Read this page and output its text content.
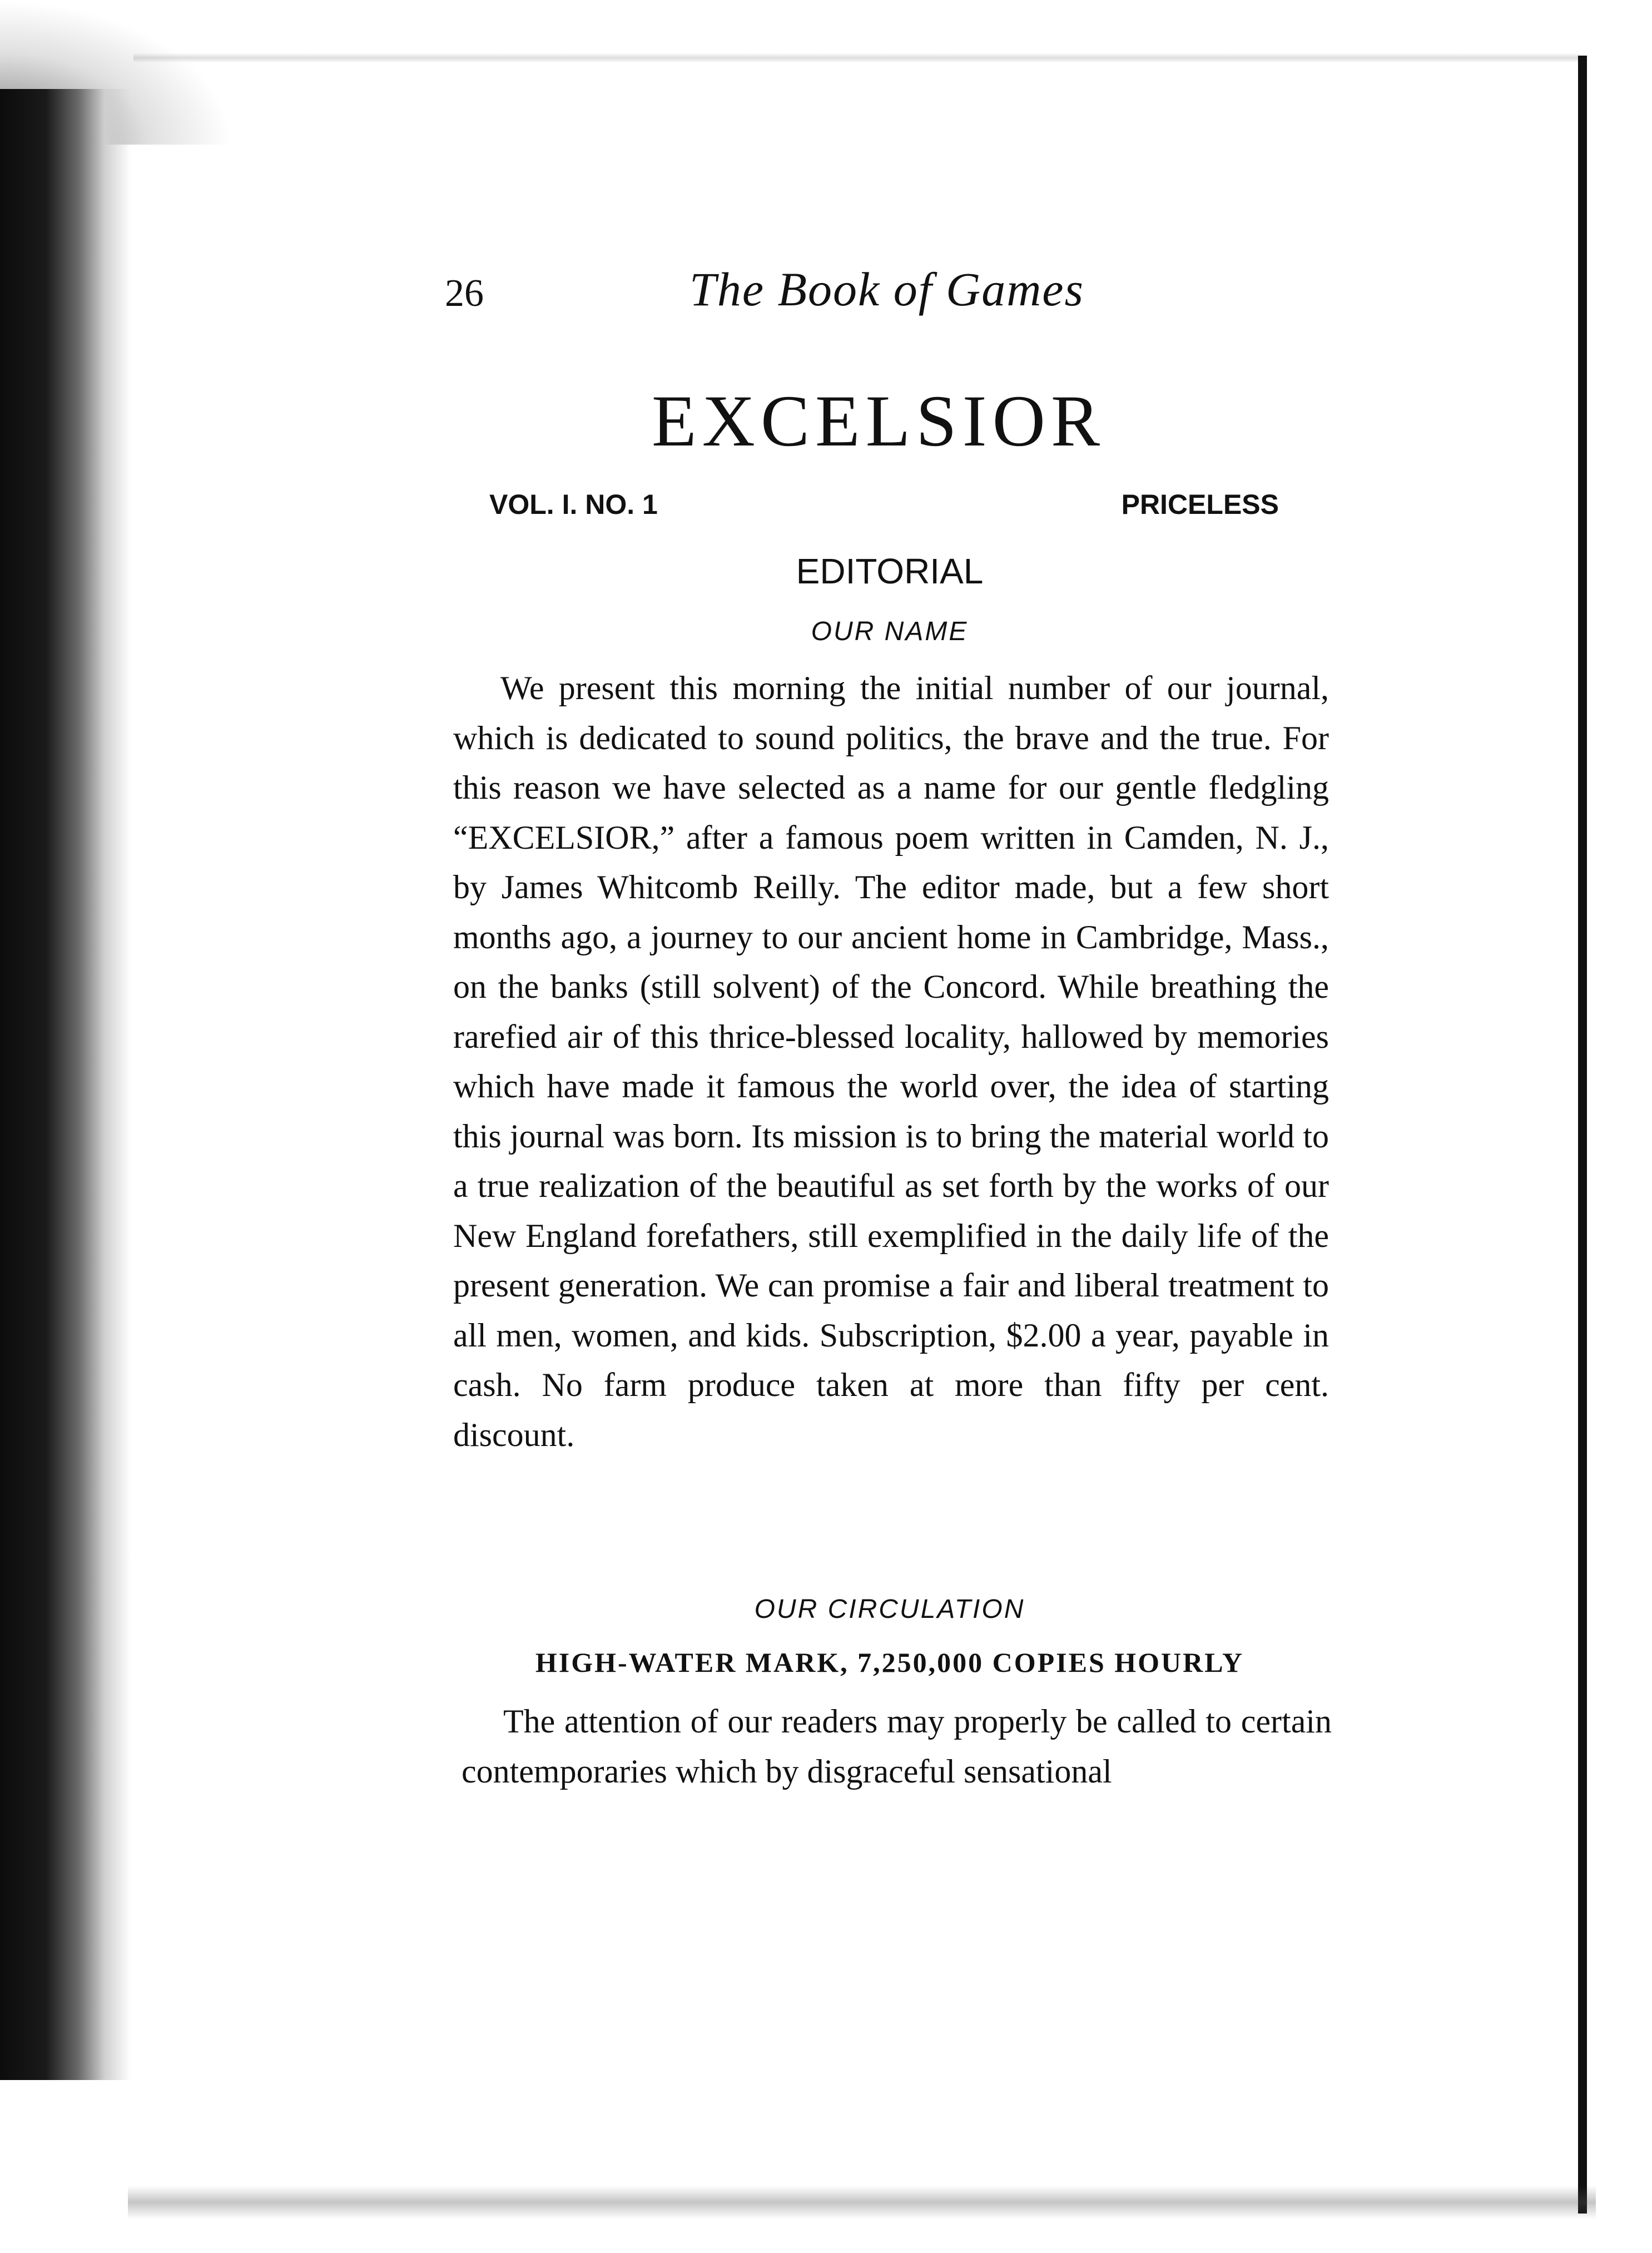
26	The Book of Games
EXCELSIOR
VOL. I. NO. 1	PRICELESS
EDITORIAL
OUR NAME

We present this morning the initial number of our journal, which is dedicated to sound politics, the brave and the true. For this reason we have selected as a name for our gentle fledgling “EXCELSIOR,” after a famous poem written in Camden, N. J., by James Whitcomb Reilly. The editor made, but a few short months ago, a journey to our ancient home in Cambridge, Mass., on the banks (still solvent) of the Concord. While breathing the rarefied air of this thrice-blessed locality, hallowed by memories which have made it famous the world over, the idea of starting this journal was born. Its mission is to bring the material world to a true realization of the beautiful as set forth by the works of our New England forefathers, still exemplified in the daily life of the present generation. We can promise a fair and liberal treatment to all men, women, and kids. Subscription, $2.00 a year, payable in cash. No farm produce taken at more than fifty per cent. discount.

OUR CIRCULATION
HIGH-WATER MARK, 7,250,000 COPIES HOURLY

The attention of our readers may properly be called to certain contemporaries which by disgraceful sensational
